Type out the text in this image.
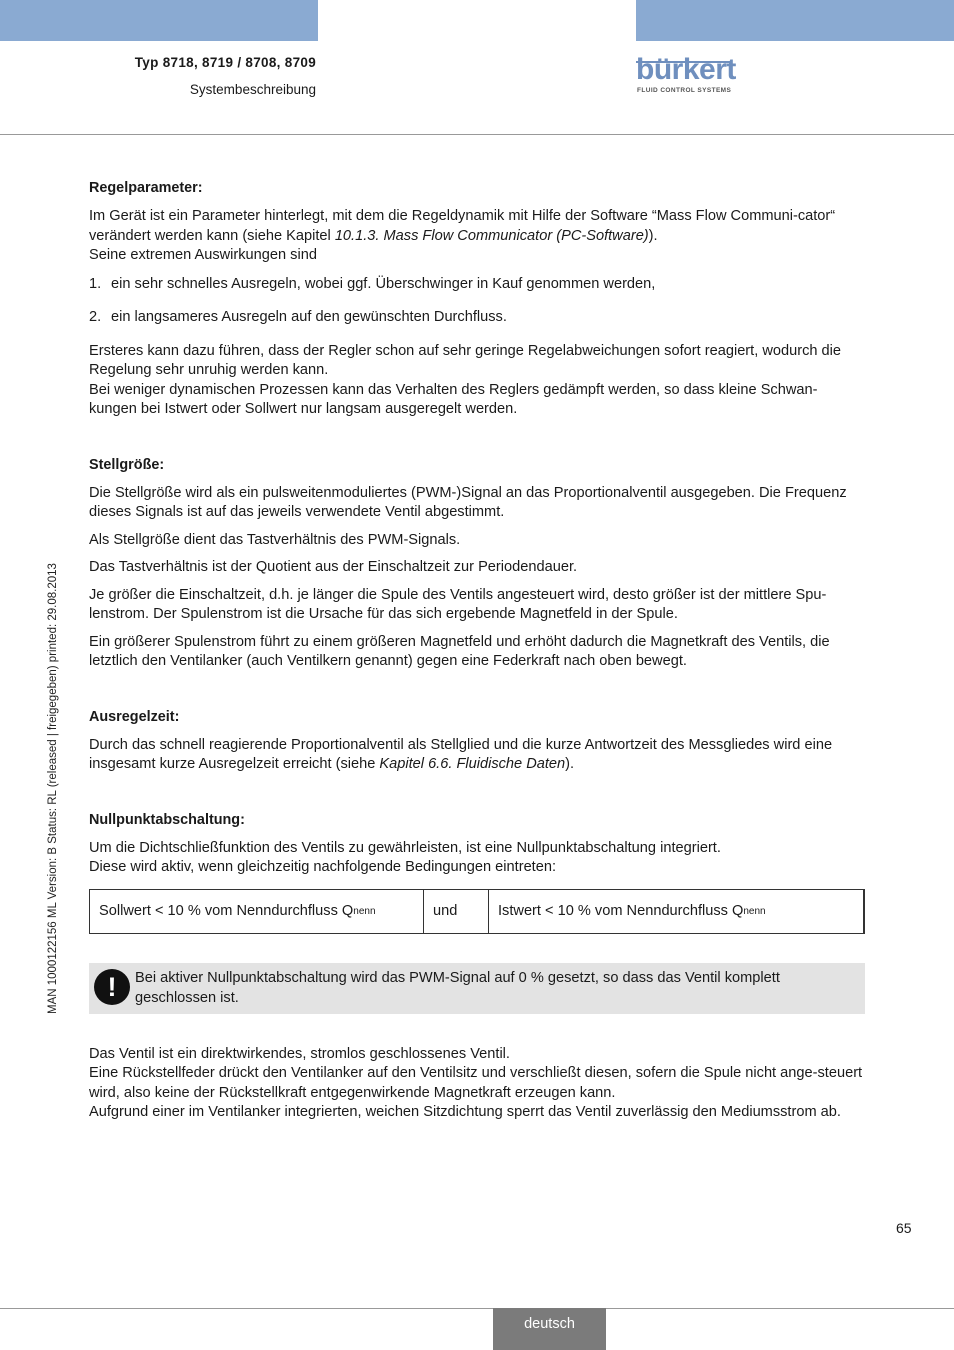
Typ 8718, 8719 / 8708, 8709
Systembeschreibung
bürkert
FLUID CONTROL SYSTEMS
MAN 1000122156 ML Version: B Status: RL (released | freigegeben) printed: 29.08.2013

Regelparameter:

Im Gerät ist ein Parameter hinterlegt, mit dem die Regeldynamik mit Hilfe der Software “Mass Flow Communi-cator“ verändert werden kann (siehe Kapitel 10.1.3. Mass Flow Communicator (PC-Software)).

Seine extremen Auswirkungen sind

1. ein sehr schnelles Ausregeln, wobei ggf. Überschwinger in Kauf genommen werden,
2. ein langsameres Ausregeln auf den gewünschten Durchfluss.

Ersteres kann dazu führen, dass der Regler schon auf sehr geringe Regelabweichungen sofort reagiert, wodurch die Regelung sehr unruhig werden kann.

Bei weniger dynamischen Prozessen kann das Verhalten des Reglers gedämpft werden, so dass kleine Schwan-kungen bei Istwert oder Sollwert nur langsam ausgeregelt werden.

Stellgröße:

Die Stellgröße wird als ein pulsweitenmoduliertes (PWM-)Signal an das Proportionalventil ausgegeben. Die Frequenz dieses Signals ist auf das jeweils verwendete Ventil abgestimmt.

Als Stellgröße dient das Tastverhältnis des PWM-Signals.

Das Tastverhältnis ist der Quotient aus der Einschaltzeit zur Periodendauer.

Je größer die Einschaltzeit, d.h. je länger die Spule des Ventils angesteuert wird, desto größer ist der mittlere Spu-lenstrom. Der Spulenstrom ist die Ursache für das sich ergebende Magnetfeld in der Spule.

Ein größerer Spulenstrom führt zu einem größeren Magnetfeld und erhöht dadurch die Magnetkraft des Ventils, die letztlich den Ventilanker (auch Ventilkern genannt) gegen eine Federkraft nach oben bewegt.

Ausregelzeit:

Durch das schnell reagierende Proportionalventil als Stellglied und die kurze Antwortzeit des Messgliedes wird eine insgesamt kurze Ausregelzeit erreicht (siehe Kapitel 6.6. Fluidische Daten).

Nullpunktabschaltung:

Um die Dichtschließfunktion des Ventils zu gewährleisten, ist eine Nullpunktabschaltung integriert.

Diese wird aktiv, wenn gleichzeitig nachfolgende Bedingungen eintreten:

Sollwert < 10 % vom Nenndurchfluss Q nenn	und	Istwert < 10 % vom Nenndurchfluss Q nenn
!	Bei aktiver Nullpunktabschaltung wird das PWM-Signal auf 0 % gesetzt, so dass das Ventil komplett geschlossen ist.

Das Ventil ist ein direktwirkendes, stromlos geschlossenes Ventil.

Eine Rückstellfeder drückt den Ventilanker auf den Ventilsitz und verschließt diesen, sofern die Spule nicht ange-steuert wird, also keine der Rückstellkraft entgegenwirkende Magnetkraft erzeugen kann.

Aufgrund einer im Ventilanker integrierten, weichen Sitzdichtung sperrt das Ventil zuverlässig den Mediumsstrom ab.

65
deutsch
